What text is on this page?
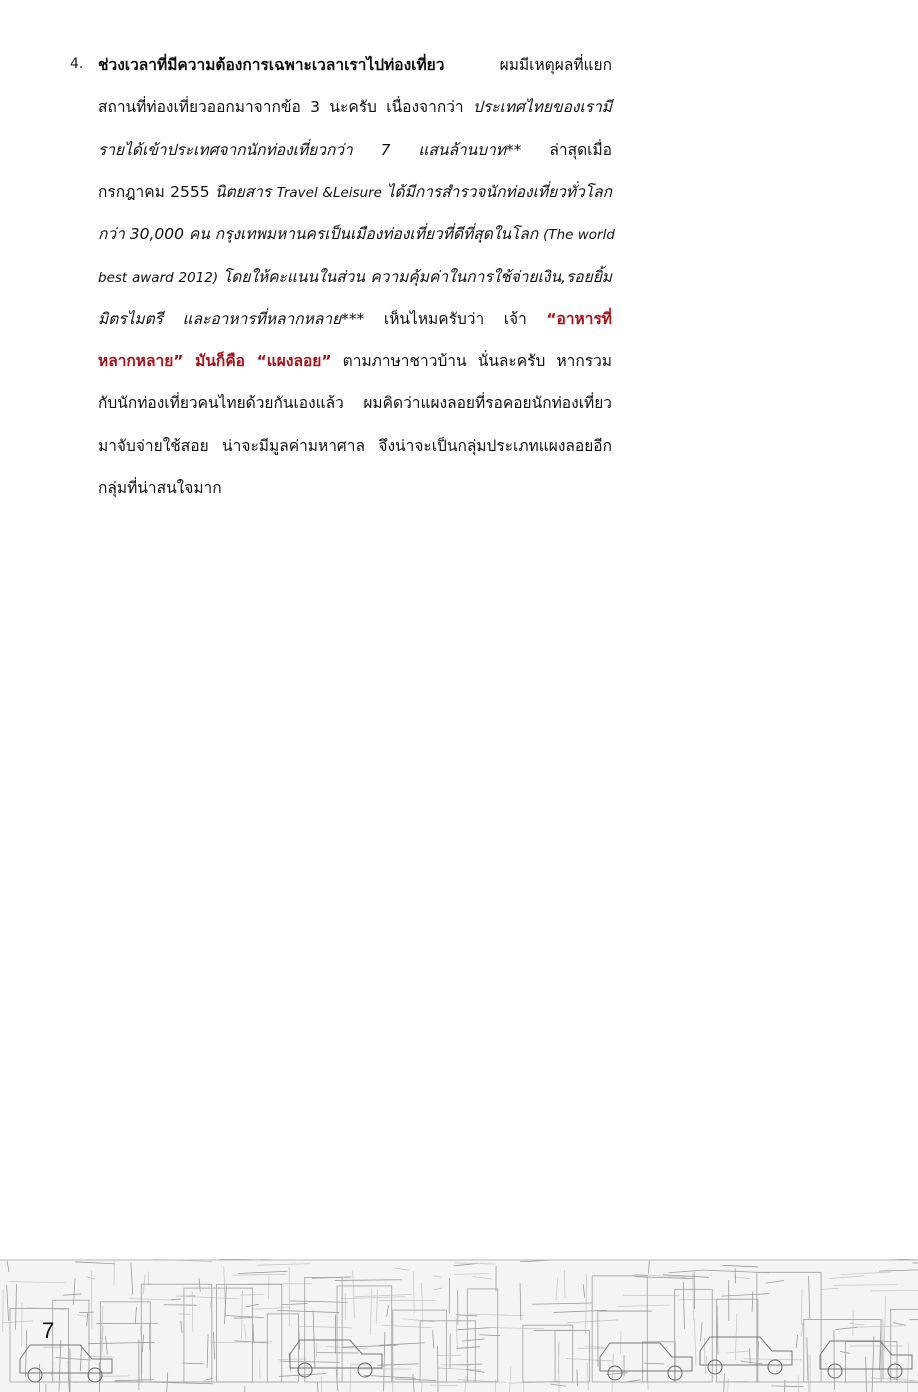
4. ช่วงเวลาที่มีความต้องการเฉพาะเวลาเราไปท่องเที่ยว ผมมีเหตุผลที่แยก
สถานที่ท่องเที่ยวออกมาจากข้อ 3 นะครับ เนื่องจากว่า ประเทศไทยของเรามี
รายได้เข้าประเทศจากนักท่องเที่ยวกว่า 7 แสนล้านบาท** ล่าสุดเมื่อ
กรกฎาคม 2555 นิตยสาร Travel &Leisure ได้มีการสำรวจนักท่องเที่ยวทั่วโลก
กว่า 30,000 คน กรุงเทพมหานครเป็นเมืองท่องเที่ยวที่ดีที่สุดในโลก (The world
best award 2012) โดยให้คะแนนในส่วน ความคุ้มค่าในการใช้จ่ายเงิน,รอยยิ้ม
มิตรไมตรี และอาหารที่หลากหลาย*** เห็นไหมครับว่า เจ้า “อาหารที่
หลากหลาย” มันก็คือ “แผงลอย” ตามภาษาชาวบ้าน นั่นละครับ หากรวม
กับนักท่องเที่ยวคนไทยด้วยกันเองแล้ว ผมคิดว่าแผงลอยที่รอคอยนักท่องเที่ยว
มาจับจ่ายใช้สอย น่าจะมีมูลค่ามหาศาล จึงน่าจะเป็นกลุ่มประเภทแผงลอยอีก
กลุ่มที่น่าสนใจมาก
7
